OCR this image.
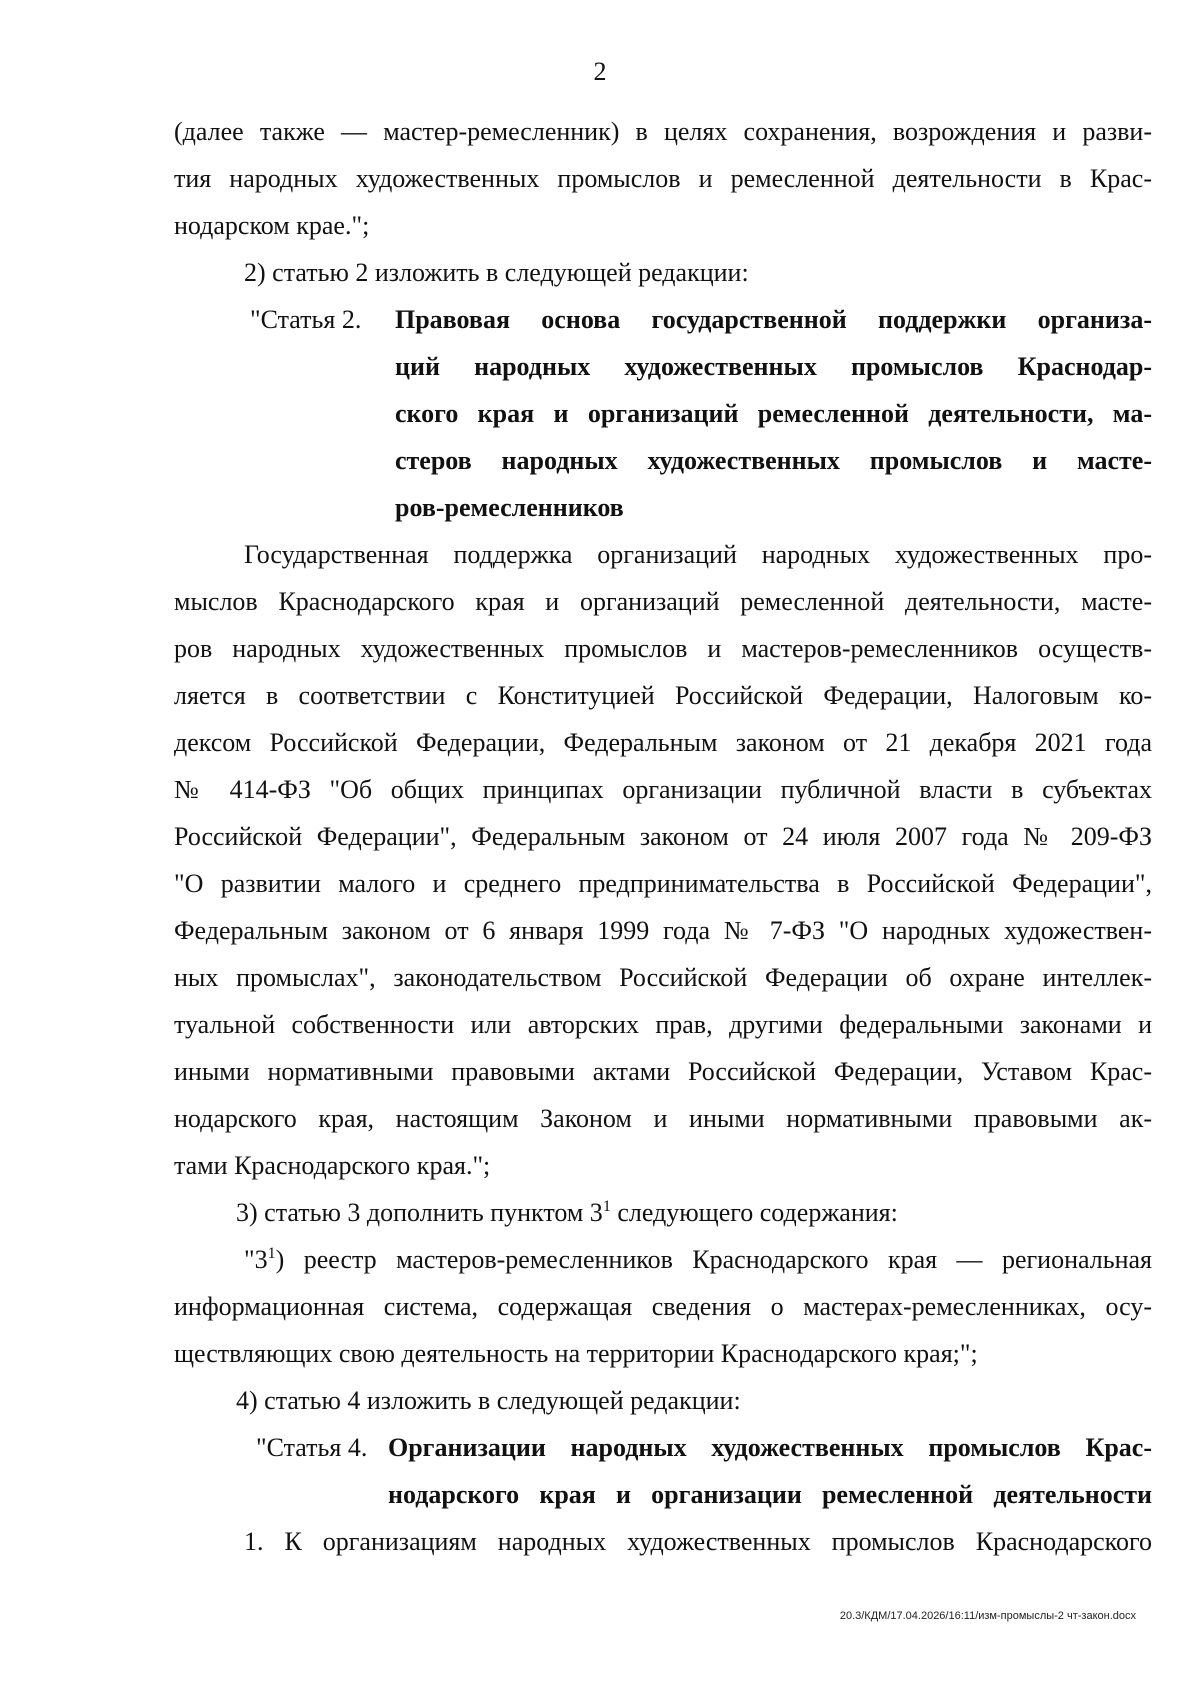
2
(далее также — мастер-ремесленник) в целях сохранения, возрождения и разви-
тия народных художественных промыслов и ремесленной деятельности в Крас-
нодарском крае.";
2) статью 2 изложить в следующей редакции:
"Статья 2.	Правовая основа государственной поддержки организа-
ций народных художественных промыслов Краснодар-
ского края и организаций ремесленной деятельности, ма-
стеров народных художественных промыслов и масте-
ров-ремесленников
Государственная поддержка организаций народных художественных про-
мыслов Краснодарского края и организаций ремесленной деятельности, масте-
ров народных художественных промыслов и мастеров-ремесленников осуществ-
ляется в соответствии с Конституцией Российской Федерации, Налоговым ко-
дексом Российской Федерации, Федеральным законом от 21 декабря 2021 года
№ 414-ФЗ "Об общих принципах организации публичной власти в субъектах
Российской Федерации", Федеральным законом от 24 июля 2007 года № 209-ФЗ
"О развитии малого и среднего предпринимательства в Российской Федерации",
Федеральным законом от 6 января 1999 года № 7-ФЗ "О народных художествен-
ных промыслах", законодательством Российской Федерации об охране интеллек-
туальной собственности или авторских прав, другими федеральными законами и
иными нормативными правовыми актами Российской Федерации, Уставом Крас-
нодарского края, настоящим Законом и иными нормативными правовыми ак-
тами Краснодарского края.";
3) статью 3 дополнить пунктом $3^1$ следующего содержания:
"$3^1$) реестр мастеров-ремесленников Краснодарского края — региональная
информационная система, содержащая сведения о мастерах-ремесленниках, осу-
ществляющих свою деятельность на территории Краснодарского края;";
4) статью 4 изложить в следующей редакции:
"Статья 4. Организации народных художественных промыслов Крас-
нодарского края и организации ремесленной деятельности
1. К организациям народных художественных промыслов Краснодарского
20.3/КДМ/17.04.2026/16:11/изм-промыслы-2 чт-закон.docx
